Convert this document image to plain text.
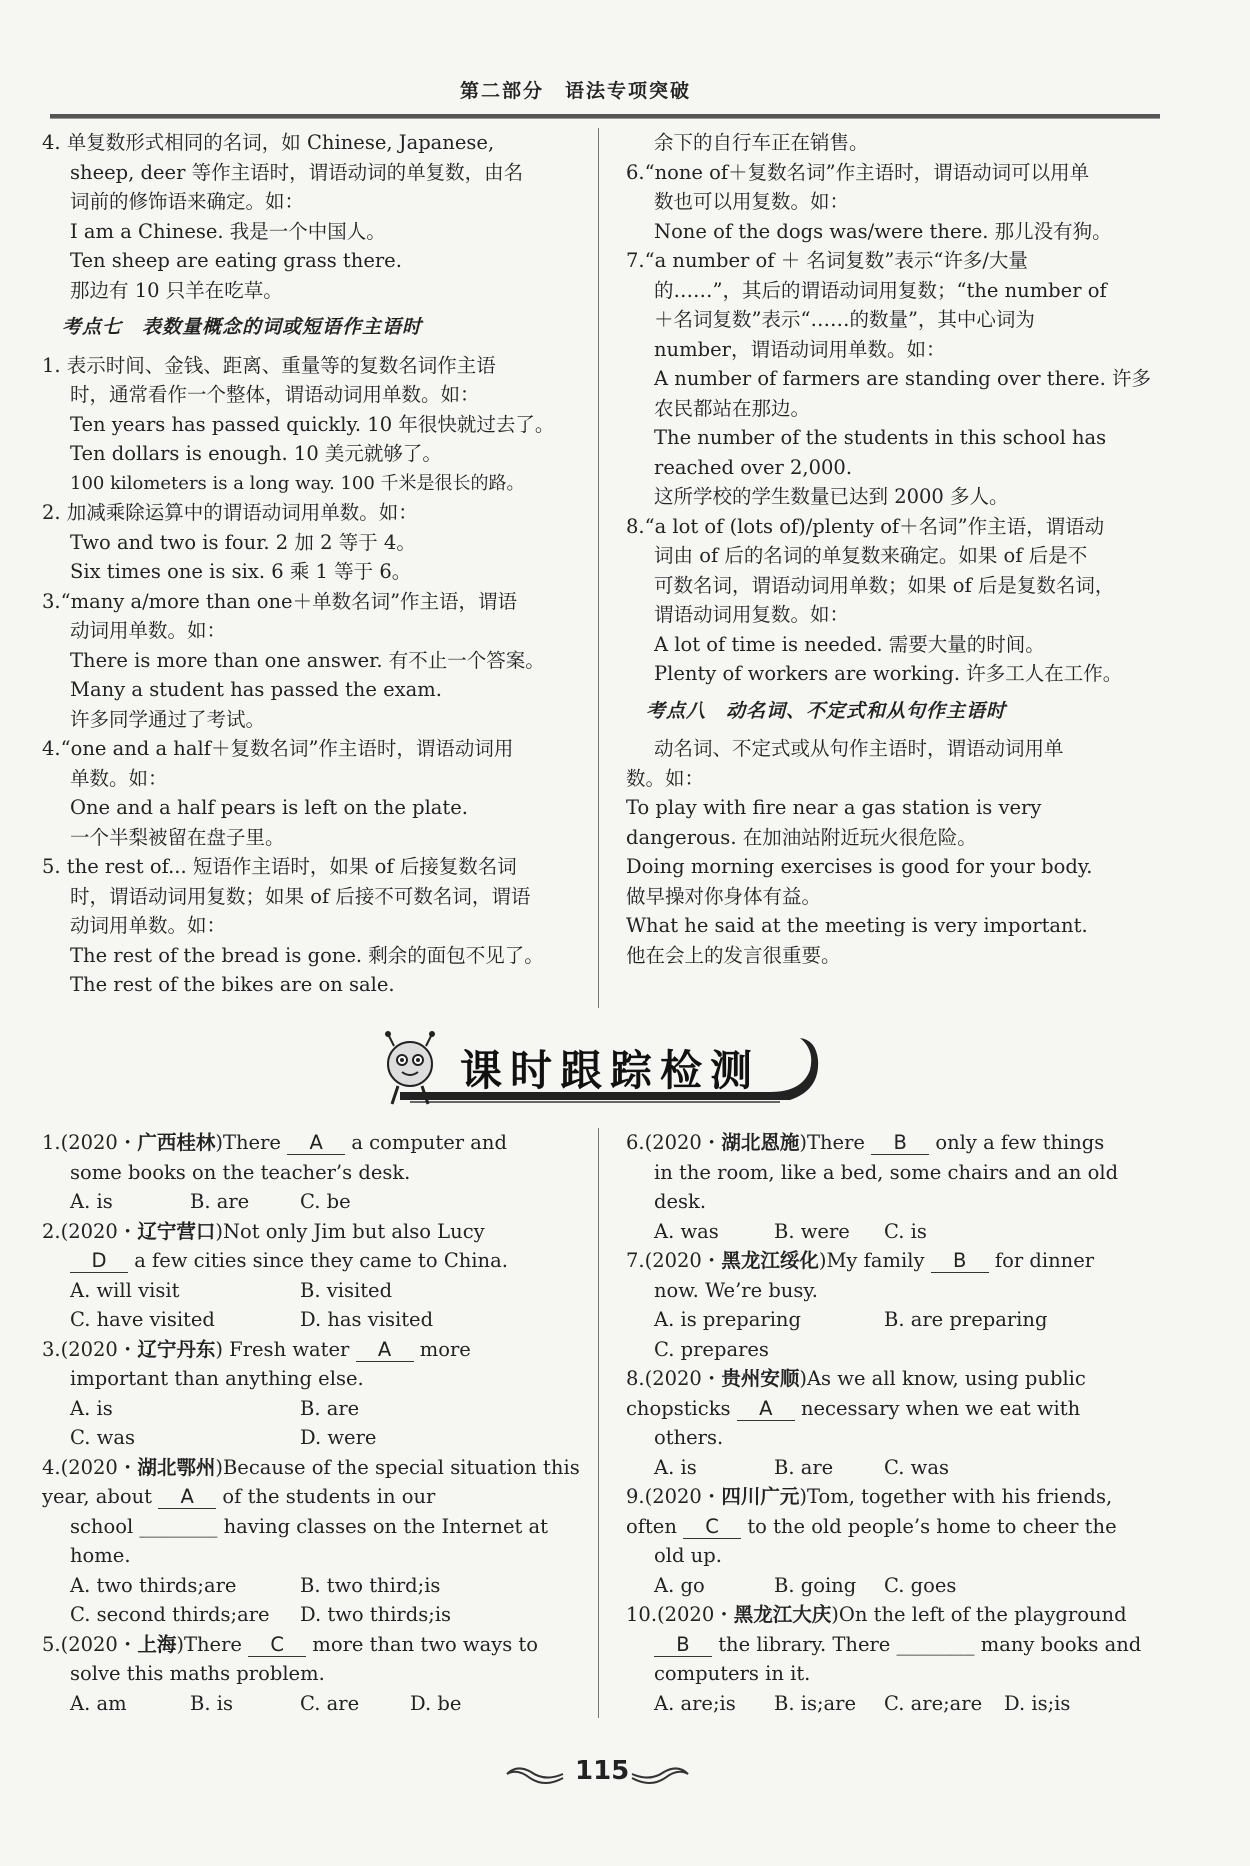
第二部分　语法专项突破

4. 单复数形式相同的名词，如 Chinese, Japanese,

sheep, deer 等作主语时，谓语动词的单复数，由名

词前的修饰语来确定。如：

I am a Chinese. 我是一个中国人。

Ten sheep are eating grass there.

那边有 10 只羊在吃草。

考点七　表数量概念的词或短语作主语时

1. 表示时间、金钱、距离、重量等的复数名词作主语

时，通常看作一个整体，谓语动词用单数。如：

Ten years has passed quickly. 10 年很快就过去了。

Ten dollars is enough. 10 美元就够了。

100 kilometers is a long way. 100 千米是很长的路。

2. 加减乘除运算中的谓语动词用单数。如：

Two and two is four. 2 加 2 等于 4。

Six times one is six. 6 乘 1 等于 6。

3.“many a/more than one＋单数名词”作主语，谓语

动词用单数。如：

There is more than one answer. 有不止一个答案。

Many a student has passed the exam.

许多同学通过了考试。

4.“one and a half＋复数名词”作主语时，谓语动词用

单数。如：

One and a half pears is left on the plate.

一个半梨被留在盘子里。

5. the rest of... 短语作主语时，如果 of 后接复数名词

时，谓语动词用复数；如果 of 后接不可数名词，谓语

动词用单数。如：

The rest of the bread is gone. 剩余的面包不见了。

The rest of the bikes are on sale.

余下的自行车正在销售。

6.“none of＋复数名词”作主语时，谓语动词可以用单

数也可以用复数。如：

None of the dogs was/were there. 那儿没有狗。

7.“a number of ＋ 名词复数”表示“许多/大量

的……”，其后的谓语动词用复数；“the number of

＋名词复数”表示“……的数量”，其中心词为

number，谓语动词用单数。如：

A number of farmers are standing over there. 许多

农民都站在那边。

The number of the students in this school has

reached over 2,000.

这所学校的学生数量已达到 2000 多人。

8.“a lot of (lots of)/plenty of＋名词”作主语，谓语动

词由 of 后的名词的单复数来确定。如果 of 后是不

可数名词，谓语动词用单数；如果 of 后是复数名词，

谓语动词用复数。如：

A lot of time is needed. 需要大量的时间。

Plenty of workers are working. 许多工人在工作。

考点八　动名词、不定式和从句作主语时

动名词、不定式或从句作主语时，谓语动词用单

数。如：

To play with fire near a gas station is very

dangerous. 在加油站附近玩火很危险。

Doing morning exercises is good for your body.

做早操对你身体有益。

What he said at the meeting is very important.

他在会上的发言很重要。

课时跟踪检测

1.(2020・广西桂林)There A a computer and

some books on the teacher’s desk.

A. is	B. are	C. be

2.(2020・辽宁营口)Not only Jim but also Lucy

D a few cities since they came to China.

A. will visit	B. visited

C. have visited	D. has visited

3.(2020・辽宁丹东) Fresh water A more

important than anything else.

A. is	B. are

C. was	D. were

4.(2020・湖北鄂州)Because of the special situation this year, about A of the students in our

school ________ having classes on the Internet at

home.

A. two thirds;are	B. two third;is

C. second thirds;are	D. two thirds;is

5.(2020・上海)There C more than two ways to

solve this maths problem.

A. am	B. is	C. are	D. be

6.(2020・湖北恩施)There B only a few things

in the room, like a bed, some chairs and an old

desk.

A. was	B. were	C. is

7.(2020・黑龙江绥化)My family B for dinner

now. We’re busy.

A. is preparing	B. are preparing

C. prepares

8.(2020・贵州安顺)As we all know, using public chopsticks A necessary when we eat with

others.

A. is	B. are	C. was

9.(2020・四川广元)Tom, together with his friends, often C to the old people’s home to cheer the

old up.

A. go	B. going	C. goes

10.(2020・黑龙江大庆)On the left of the playground

B the library. There ________ many books and

computers in it.

A. are;is	B. is;are	C. are;are	D. is;is

115
